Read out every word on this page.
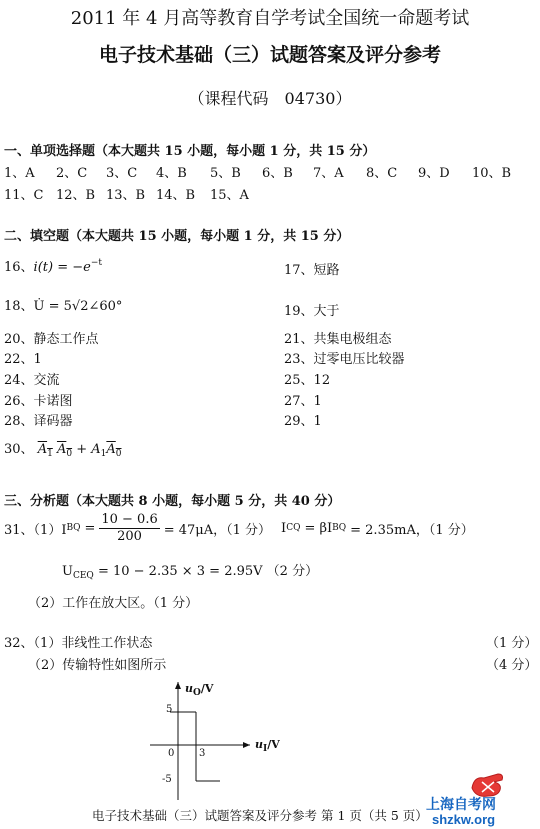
2011 年 4 月高等教育自学考试全国统一命题考试
电子技术基础（三）试题答案及评分参考
（课程代码　04730）
一、单项选择题（本大题共 15 小题，每小题 1 分，共 15 分）
1、A 2、C 3、C 4、B 5、B 6、B 7、A 8、C 9、D 10、B
11、C 12、B 13、B 14、B 15、A
二、填空题（本大题共 15 小题，每小题 1 分，共 15 分）
16、$i(t) = -e^{-t}$	17、短路
18、U̇ = 5√2∠60°	19、大于
20、静态工作点	21、共集电极组态
22、1	23、过零电压比较器
24、交流	25、12
26、卡诺图	27、1
28、译码器	29、1
30、 $A_1$ $A_0 + A_1A_0$
三、分析题（本大题共 8 小题，每小题 5 分，共 40 分）
31、（1）I BQ = $\frac{10 - 0.6}{200} = 47\mu A$，（1 分） I CQ = βI BQ = 2.35mA，（1 分）
$U_{CEQ} = 10 - 2.35 \times 3 = 2.95V$ （2 分）
（2）工作在放大区。（1 分）
32、（1）非线性工作状态	（1 分）
（2）传输特性如图所示	（4 分）
$u_O/V$
$u_I/V$
5
0 3
-5
电子技术基础（三）试题答案及评分参考 第 1 页（共 5 页）
上海自考网
shzkw.org
